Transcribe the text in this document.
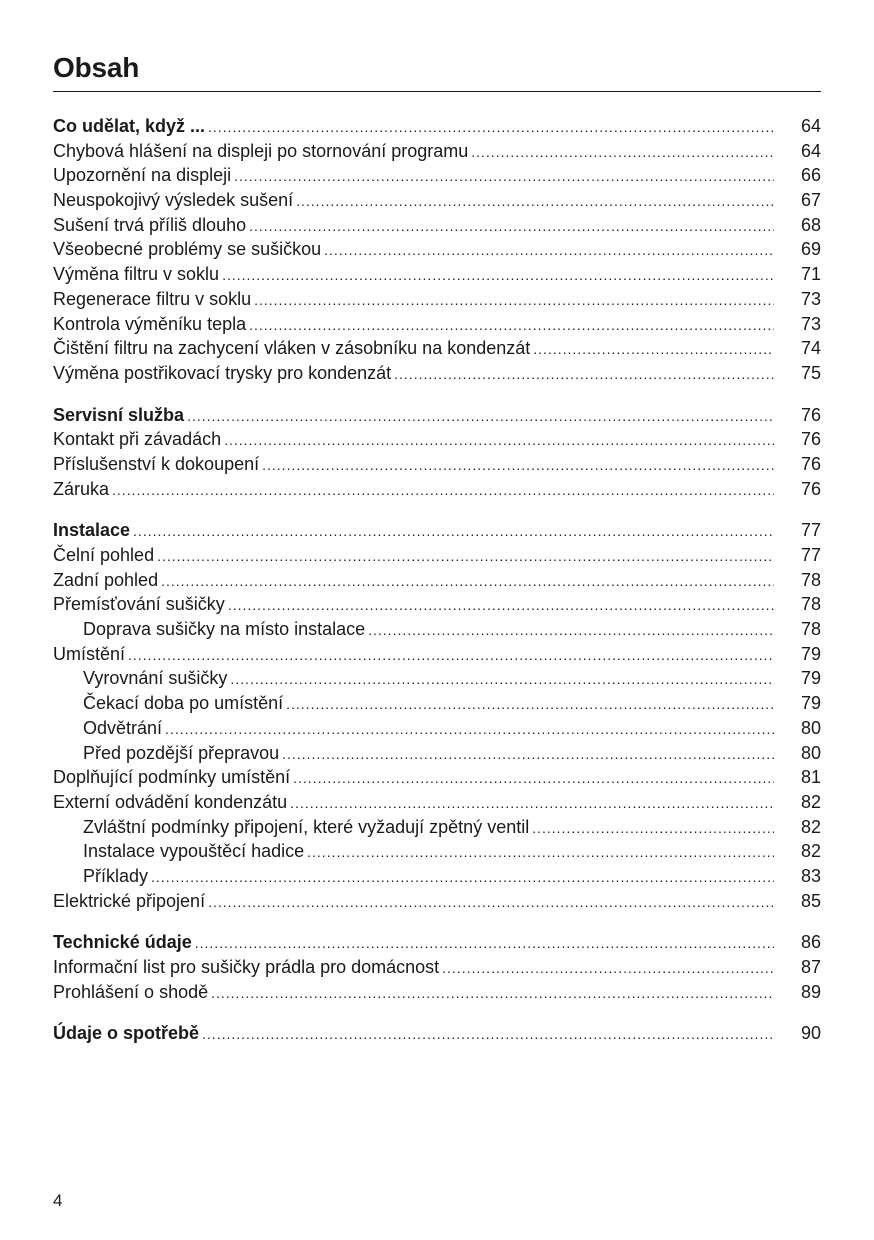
Obsah
Co udělat, když ... .....	64
Chybová hlášení na displeji po stornování programu .....	64
Upozornění na displeji .....	66
Neuspokojivý výsledek sušení .....	67
Sušení trvá příliš dlouho .....	68
Všeobecné problémy se sušičkou .....	69
Výměna filtru v soklu .....	71
Regenerace filtru v soklu .....	73
Kontrola výměníku tepla .....	73
Čištění filtru na zachycení vláken v zásobníku na kondenzát .....	74
Výměna postřikovací trysky pro kondenzát .....	75
Servisní služba .....	76
Kontakt při závadách .....	76
Příslušenství k dokoupení .....	76
Záruka .....	76
Instalace .....	77
Čelní pohled .....	77
Zadní pohled .....	78
Přemísťování sušičky .....	78
Doprava sušičky na místo instalace .....	78
Umístění .....	79
Vyrovnání sušičky .....	79
Čekací doba po umístění .....	79
Odvětrání .....	80
Před pozdější přepravou .....	80
Doplňující podmínky umístění .....	81
Externí odvádění kondenzátu .....	82
Zvláštní podmínky připojení, které vyžadují zpětný ventil .....	82
Instalace vypouštěcí hadice .....	82
Příklady .....	83
Elektrické připojení .....	85
Technické údaje .....	86
Informační list pro sušičky prádla pro domácnost .....	87
Prohlášení o shodě .....	89
Údaje o spotřebě .....	90
4
